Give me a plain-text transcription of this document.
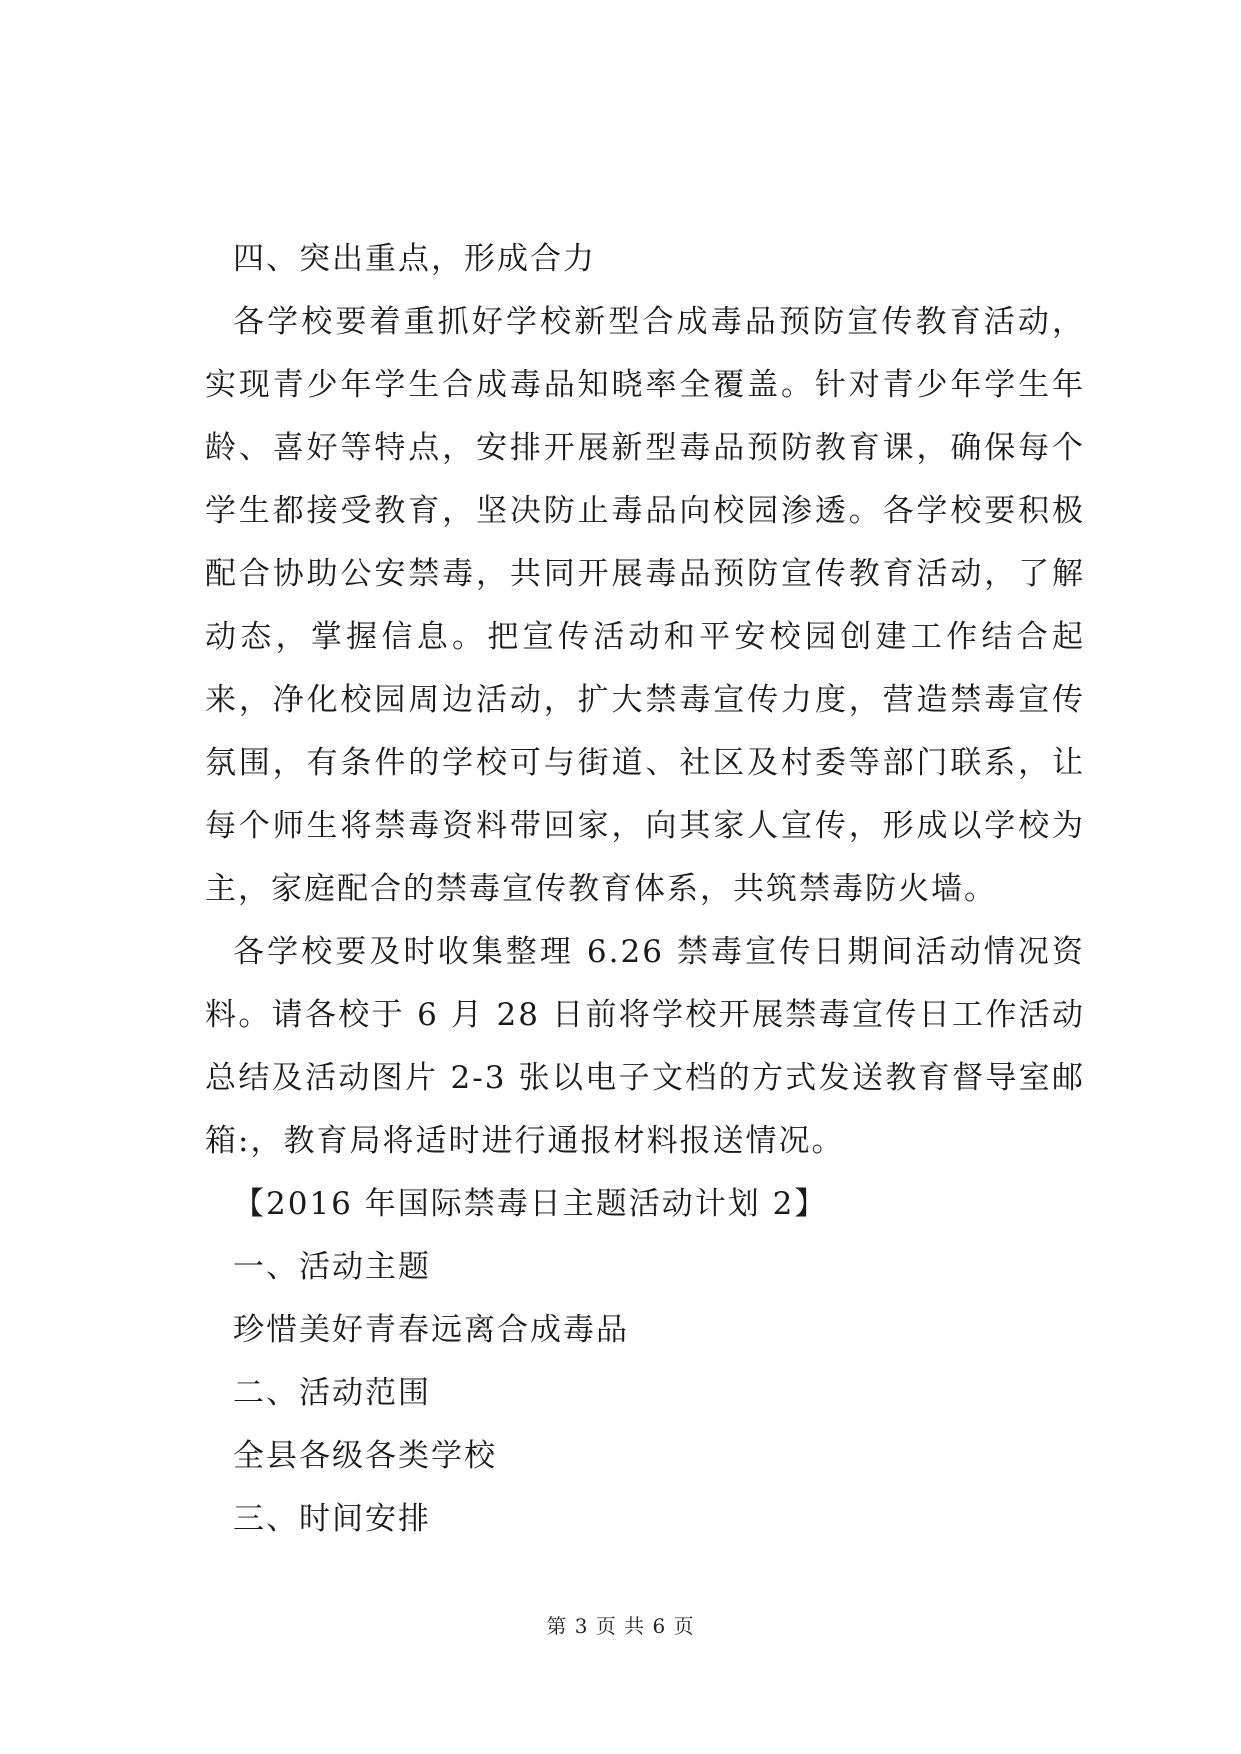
四、突出重点，形成合力

各学校要着重抓好学校新型合成毒品预防宣传教育活动，实现青少年学生合成毒品知晓率全覆盖。针对青少年学生年龄、喜好等特点，安排开展新型毒品预防教育课，确保每个学生都接受教育，坚决防止毒品向校园渗透。各学校要积极配合协助公安禁毒，共同开展毒品预防宣传教育活动，了解动态，掌握信息。把宣传活动和平安校园创建工作结合起来，净化校园周边活动，扩大禁毒宣传力度，营造禁毒宣传氛围，有条件的学校可与街道、社区及村委等部门联系，让每个师生将禁毒资料带回家，向其家人宣传，形成以学校为主，家庭配合的禁毒宣传教育体系，共筑禁毒防火墙。

各学校要及时收集整理 6.26 禁毒宣传日期间活动情况资料。请各校于 6 月 28 日前将学校开展禁毒宣传日工作活动总结及活动图片 2-3 张以电子文档的方式发送教育督导室邮箱:，教育局将适时进行通报材料报送情况。

【2016 年国际禁毒日主题活动计划 2】

一、活动主题

珍惜美好青春远离合成毒品

二、活动范围

全县各级各类学校

三、时间安排

第 3 页 共 6 页
